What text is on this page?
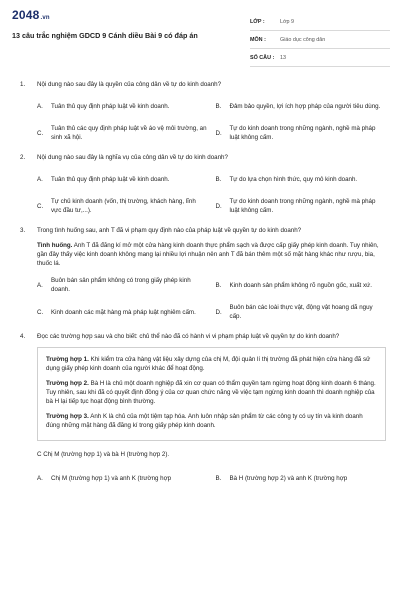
2048.vn
13 câu trắc nghiệm GDCD 9 Cánh diều Bài 9 có đáp án
LỚP :	Lớp 9
MÔN :	Giáo dục công dân
SỐ CÂU :	13
1.	Nội dung nào sau đây là quyền của công dân về tự do kinh doanh?
A.	Tuân thủ quy định pháp luật về kinh doanh.	B.	Đảm bảo quyền, lợi ích hợp pháp của người tiêu dùng.
C.
Tuân thủ các quy định pháp luật về áo vệ môi trường, an sinh xã hội.
D.
Tự do kinh doanh trong những ngành, nghề mà pháp luật không cấm.
2.	Nội dung nào sau đây là nghĩa vụ của công dân về tự do kinh doanh?
A.	Tuân thủ quy định pháp luật về kinh doanh.	B.	Tự do lựa chọn hình thức, quy mô kinh doanh.
C.
Tự chủ kinh doanh (vốn, thị trường, khách hàng, lĩnh vực đầu tư,...).
D.
Tự do kinh doanh trong những ngành, nghề mà pháp luật không cấm.
3.	Trong tình huống sau, anh T đã vi phạm quy định nào của pháp luật về quyền tự do kinh doanh?
Tình huống. Anh T đã đăng kí mở một cửa hàng kinh doanh thực phẩm sạch và được cấp giấy phép kinh doanh. Tuy nhiên, gần đây thấy việc kinh doanh không mang lại nhiều lợi nhuận nên anh T đã bán thêm một số mặt hàng khác như rượu, bia, thuốc lá.
A.
Buôn bán sản phẩm không có trong giấy phép kinh doanh.
B.	Kinh doanh sản phẩm không rõ nguồn gốc, xuất xứ.
C.	Kinh doanh các mặt hàng mà pháp luật nghiêm cấm.	D.
Buôn bán các loài thực vật, động vật hoang dã nguy cấp.
4.	Đọc các trường hợp sau và cho biết: chủ thể nào đã có hành vi vi phạm pháp luật về quyền tự do kinh doanh?
Trường hợp 1. Khi kiểm tra cửa hàng vật liệu xây dựng của chị M, đội quản lí thị trường đã phát hiện cửa hàng đã sử dụng giấy phép kinh doanh của người khác để hoạt động.
Trường hợp 2. Bà H là chủ một doanh nghiệp đã xin cơ quan có thẩm quyền tạm ngừng hoạt động kinh doanh 6 tháng. Tuy nhiên, sau khi đã có quyết định đồng ý của cơ quan chức năng về việc tạm ngừng kinh doanh thì doanh nghiệp của bà H lại tiếp tục hoạt động bình thường.
Trường hợp 3. Anh K là chủ của một tiệm tạp hóa. Anh luôn nhập sản phẩm từ các công ty có uy tín và kinh doanh đúng những mặt hàng đã đăng kí trong giấy phép kinh doanh.
C Chị M (trường hợp 1) và bà H (trường hợp 2).
A.	Chị M (trường hợp 1) và anh K (trường hợp	B.	Bà H (trường hợp 2) và anh K (trường hợp
